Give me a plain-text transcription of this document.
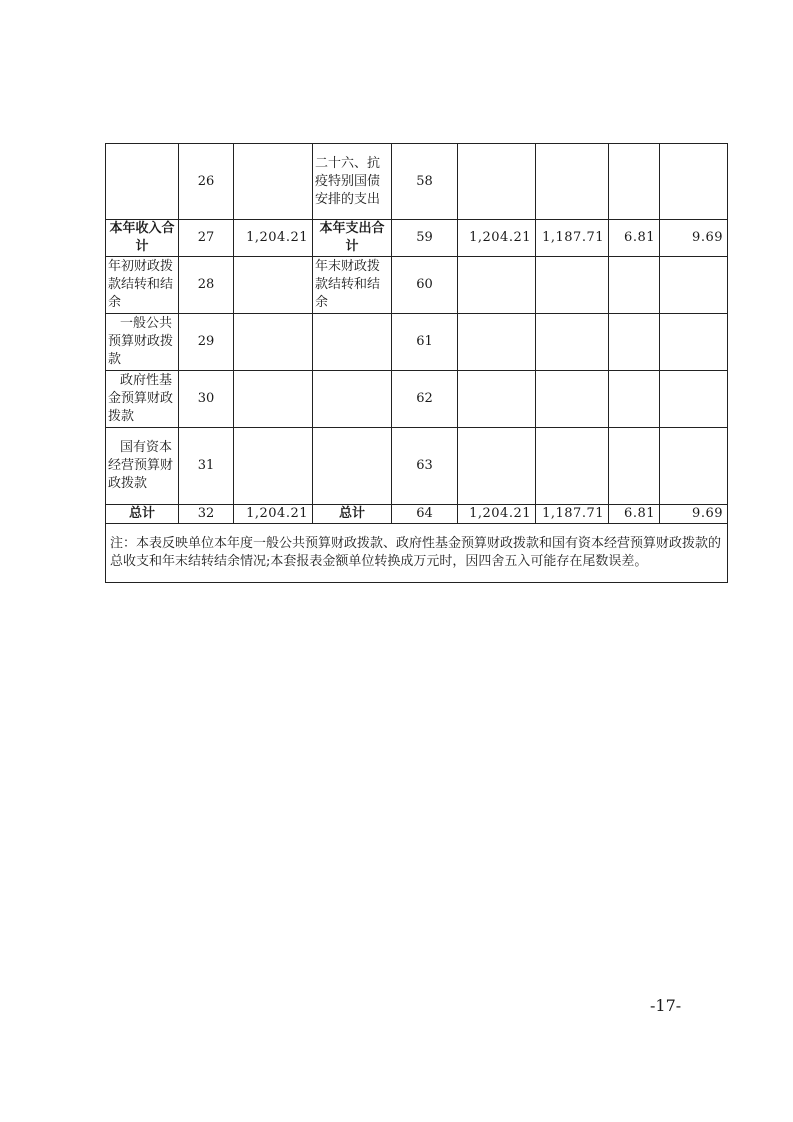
	26		二十六、抗疫特别国债安排的支出	58				
本年收入合计	27	1,204.21	本年支出合计	59	1,204.21	1,187.71	6.81	9.69
年初财政拨款结转和结余	28		年末财政拨款结转和结余	60				
一般公共预算财政拨款	29			61				
政府性基金预算财政拨款	30			62				
国有资本经营预算财政拨款	31			63				
总计	32	1,204.21	总计	64	1,204.21	1,187.71	6.81	9.69
注：本表反映单位本年度一般公共预算财政拨款、政府性基金预算财政拨款和国有资本经营预算财政拨款的总收支和年末结转结余情况;本套报表金额单位转换成万元时，因四舍五入可能存在尾数误差。								
-17-
